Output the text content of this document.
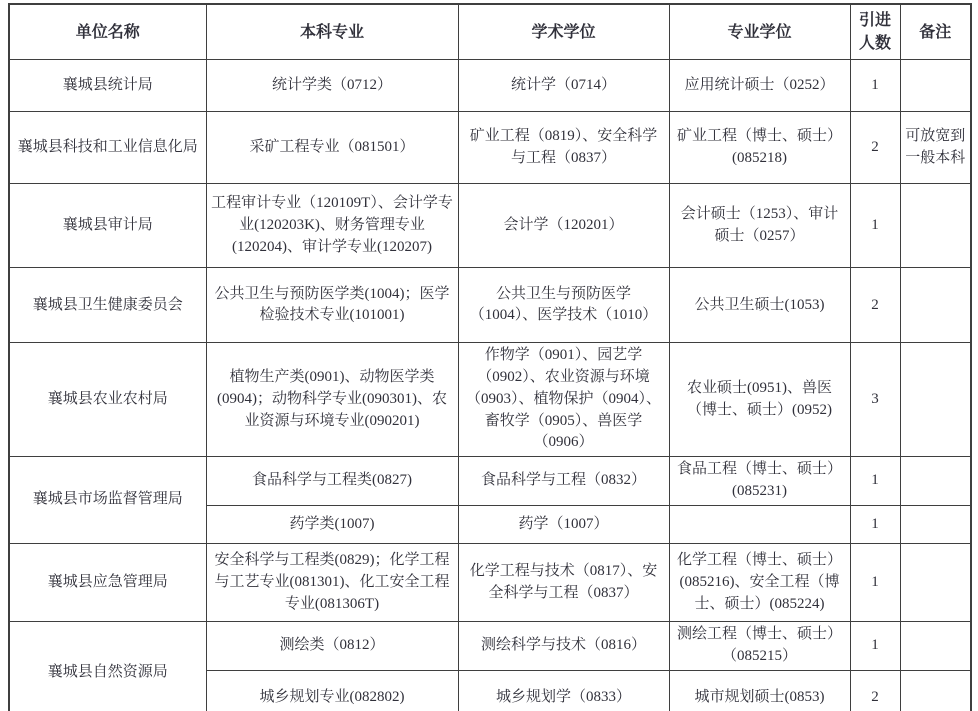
单位名称	本科专业	学术学位	专业学位	引进人数	备注
襄城县统计局	统计学类（0712）	统计学（0714）	应用统计硕士（0252）	1	
襄城县科技和工业信息化局	采矿工程专业（081501）	矿业工程（0819）、安全科学与工程（0837）	矿业工程（博士、硕士）(085218)	2	可放宽到一般本科
襄城县审计局	工程审计专业（120109T）、会计学专业(120203K)、财务管理专业(120204)、审计学专业(120207)	会计学（120201）	会计硕士（1253）、审计硕士（0257）	1	
襄城县卫生健康委员会	公共卫生与预防医学类(1004)；医学检验技术专业(101001)	公共卫生与预防医学（1004）、医学技术（1010）	公共卫生硕士(1053)	2	
襄城县农业农村局	植物生产类(0901)、动物医学类(0904)；动物科学专业(090301)、农业资源与环境专业(090201)	作物学（0901）、园艺学（0902）、农业资源与环境（0903）、植物保护（0904）、畜牧学（0905）、兽医学（0906）	农业硕士(0951)、兽医（博士、硕士）(0952)	3	
襄城县市场监督管理局	食品科学与工程类(0827)	食品科学与工程（0832）	食品工程（博士、硕士）(085231)	1	
	药学类(1007)	药学（1007）		1	
襄城县应急管理局	安全科学与工程类(0829)；化学工程与工艺专业(081301)、化工安全工程专业(081306T)	化学工程与技术（0817）、安全科学与工程（0837）	化学工程（博士、硕士）(085216)、安全工程（博士、硕士）(085224)	1	
襄城县自然资源局	测绘类（0812）	测绘科学与技术（0816）	测绘工程（博士、硕士）（085215）	1	
	城乡规划专业(082802)	城乡规划学（0833）	城市规划硕士(0853)	2	
